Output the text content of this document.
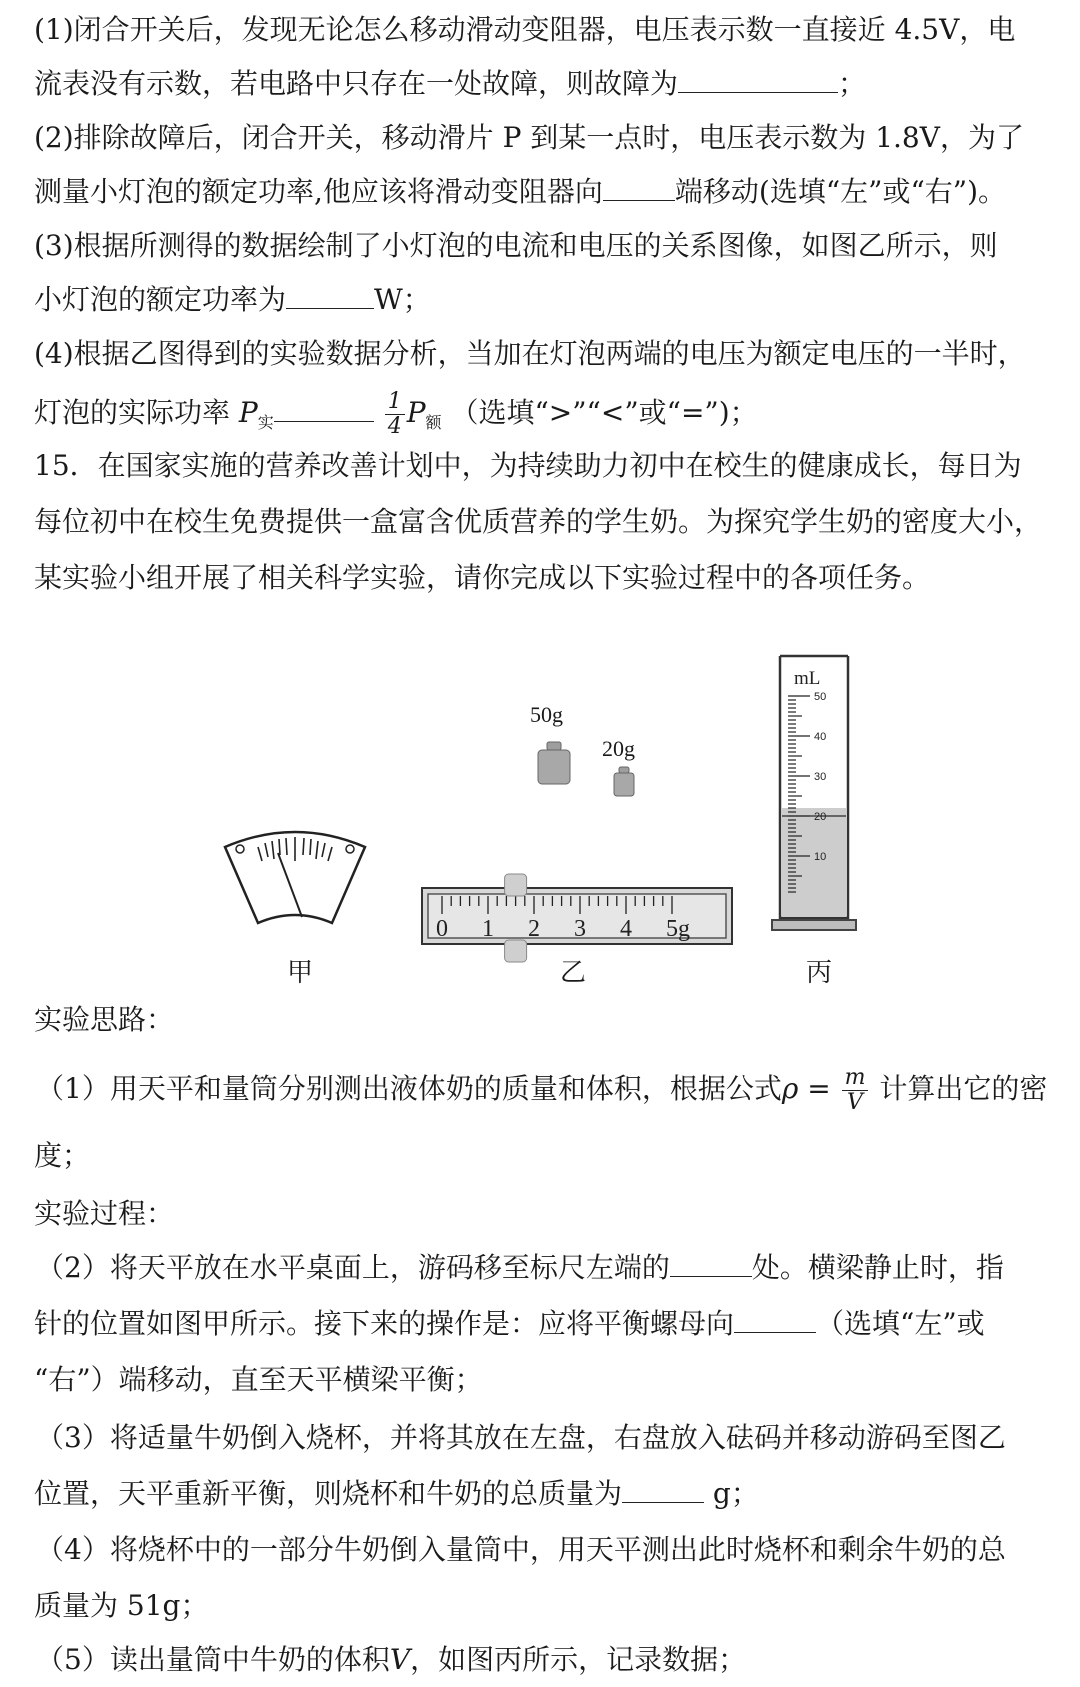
(1)闭合开关后，发现无论怎么移动滑动变阻器，电压表示数一直接近 4.5V，电
流表没有示数，若电路中只存在一处故障，则故障为	；
(2)排除故障后，闭合开关，移动滑片 P 到某一点时，电压表示数为 1.8V，为了
测量小灯泡的额定功率,他应该将滑动变阻器向	端移动(选填“左”或“右”)。
(3)根据所测得的数据绘制了小灯泡的电流和电压的关系图像，如图乙所示，则
小灯泡的额定功率为	W；
(4)根据乙图得到的实验数据分析，当加在灯泡两端的电压为额定电压的一半时，
灯泡的实际功率 $P_实$	$\frac{1}{4} P_额$ （选填“>”“<”或“=”)；
15．在国家实施的营养改善计划中，为持续助力初中在校生的健康成长，每日为
每位初中在校生免费提供一盒富含优质营养的学生奶。为探究学生奶的密度大小，
某实验小组开展了相关科学实验，请你完成以下实验过程中的各项任务。
50g
20g
0 1 2 3 4 5g
mL
50
40
30
20
10
甲	乙	丙
实验思路：
（1）用天平和量筒分别测出液体奶的质量和体积，根据公式$\rho = \frac{m}{V}$ 计算出它的密
度；
实验过程：
（2）将天平放在水平桌面上，游码移至标尺左端的	处。横梁静止时，指
针的位置如图甲所示。接下来的操作是：应将平衡螺母向	（选填“左”或
“右”）端移动，直至天平横梁平衡；
（3）将适量牛奶倒入烧杯，并将其放在左盘，右盘放入砝码并移动游码至图乙
位置，天平重新平衡，则烧杯和牛奶的总质量为	g；
（4）将烧杯中的一部分牛奶倒入量筒中，用天平测出此时烧杯和剩余牛奶的总
质量为 51g；
（5）读出量筒中牛奶的体积V，如图丙所示，记录数据；
